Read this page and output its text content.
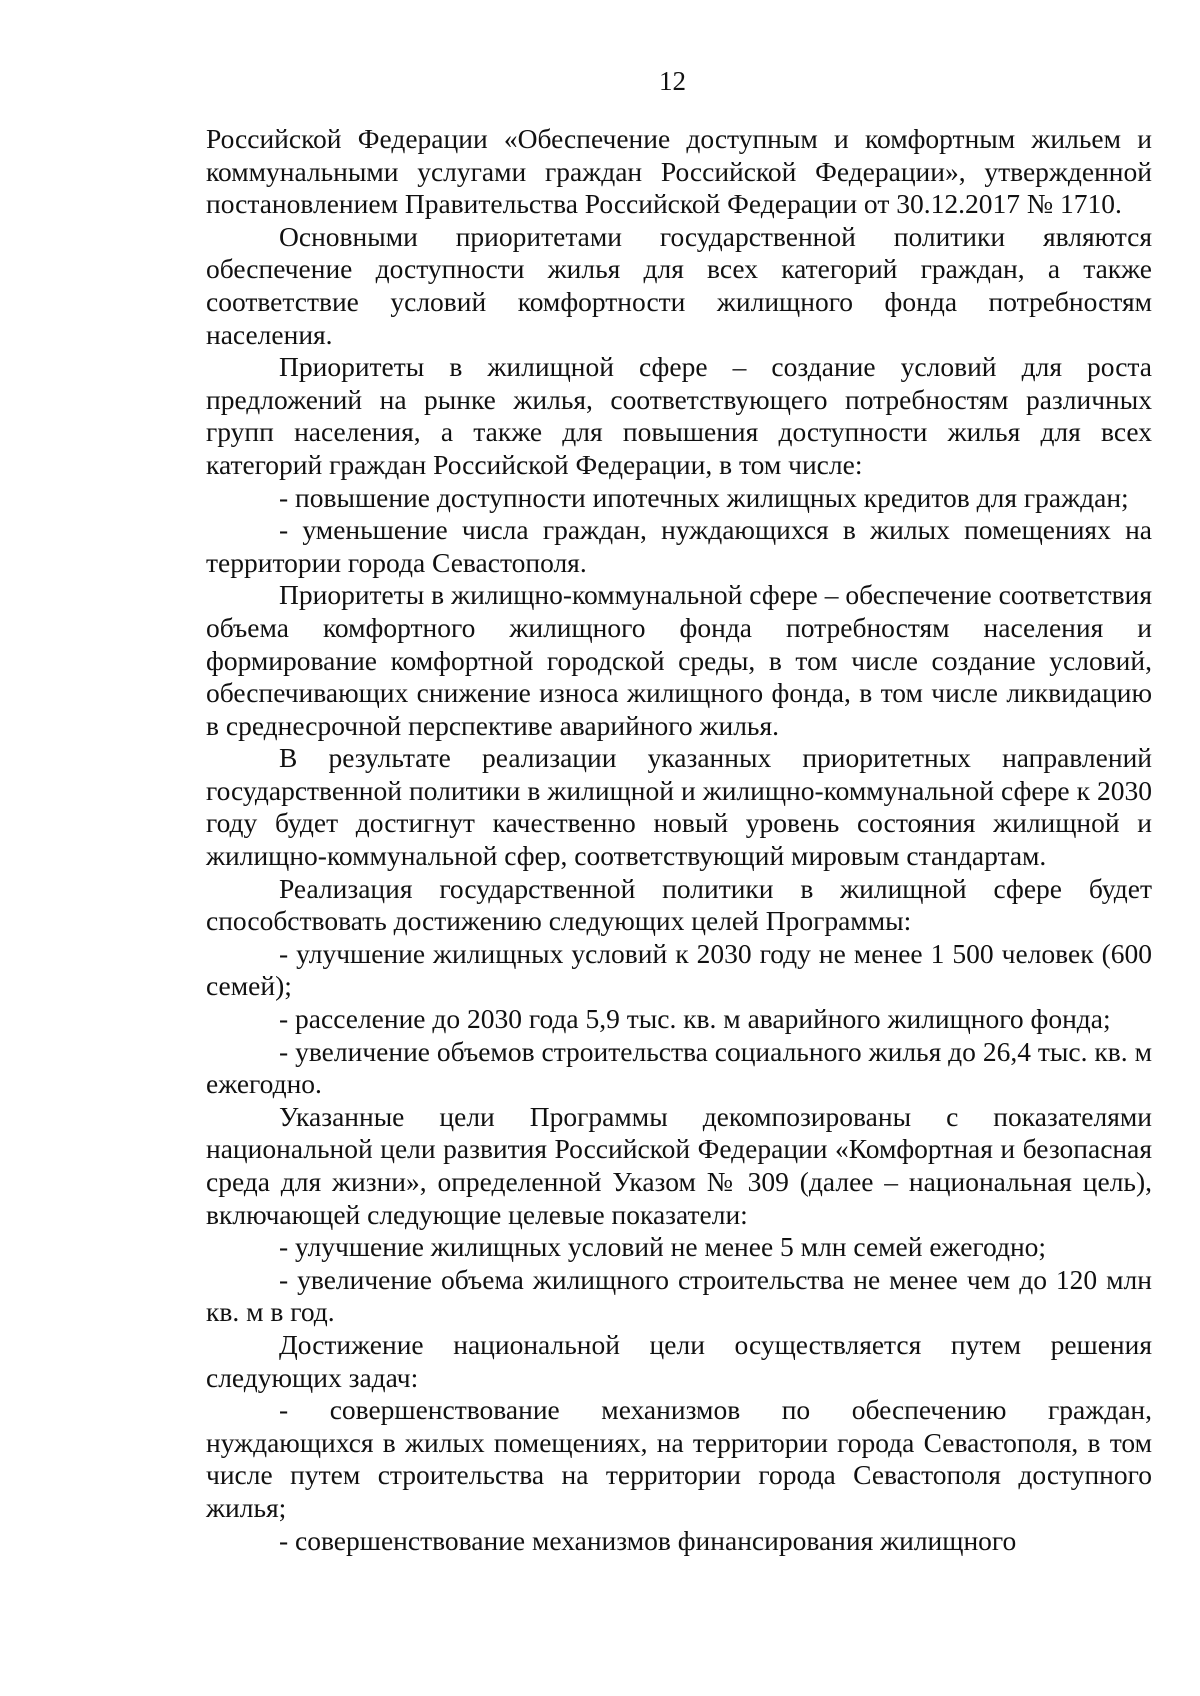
12

Российской Федерации «Обеспечение доступным и комфортным жильем и коммунальными услугами граждан Российской Федерации», утвержденной постановлением Правительства Российской Федерации от 30.12.2017 № 1710.

Основными приоритетами государственной политики являются обеспечение доступности жилья для всех категорий граждан, а также соответствие условий комфортности жилищного фонда потребностям населения.

Приоритеты в жилищной сфере – создание условий для роста предложений на рынке жилья, соответствующего потребностям различных групп населения, а также для повышения доступности жилья для всех категорий граждан Российской Федерации, в том числе:

- повышение доступности ипотечных жилищных кредитов для граждан;

- уменьшение числа граждан, нуждающихся в жилых помещениях на территории города Севастополя.

Приоритеты в жилищно-коммунальной сфере – обеспечение соответствия объема комфортного жилищного фонда потребностям населения и формирование комфортной городской среды, в том числе создание условий, обеспечивающих снижение износа жилищного фонда, в том числе ликвидацию в среднесрочной перспективе аварийного жилья.

В результате реализации указанных приоритетных направлений государственной политики в жилищной и жилищно-коммунальной сфере к 2030 году будет достигнут качественно новый уровень состояния жилищной и жилищно-коммунальной сфер, соответствующий мировым стандартам.

Реализация государственной политики в жилищной сфере будет способствовать достижению следующих целей Программы:

- улучшение жилищных условий к 2030 году не менее 1 500 человек (600 семей);

- расселение до 2030 года 5,9 тыс. кв. м аварийного жилищного фонда;

- увеличение объемов строительства социального жилья до 26,4 тыс. кв. м ежегодно.

Указанные цели Программы декомпозированы с показателями национальной цели развития Российской Федерации «Комфортная и безопасная среда для жизни», определенной Указом № 309 (далее – национальная цель), включающей следующие целевые показатели:

- улучшение жилищных условий не менее 5 млн семей ежегодно;

- увеличение объема жилищного строительства не менее чем до 120 млн кв. м в год.

Достижение национальной цели осуществляется путем решения следующих задач:

- совершенствование механизмов по обеспечению граждан, нуждающихся в жилых помещениях, на территории города Севастополя, в том числе путем строительства на территории города Севастополя доступного жилья;

- совершенствование механизмов финансирования жилищного
